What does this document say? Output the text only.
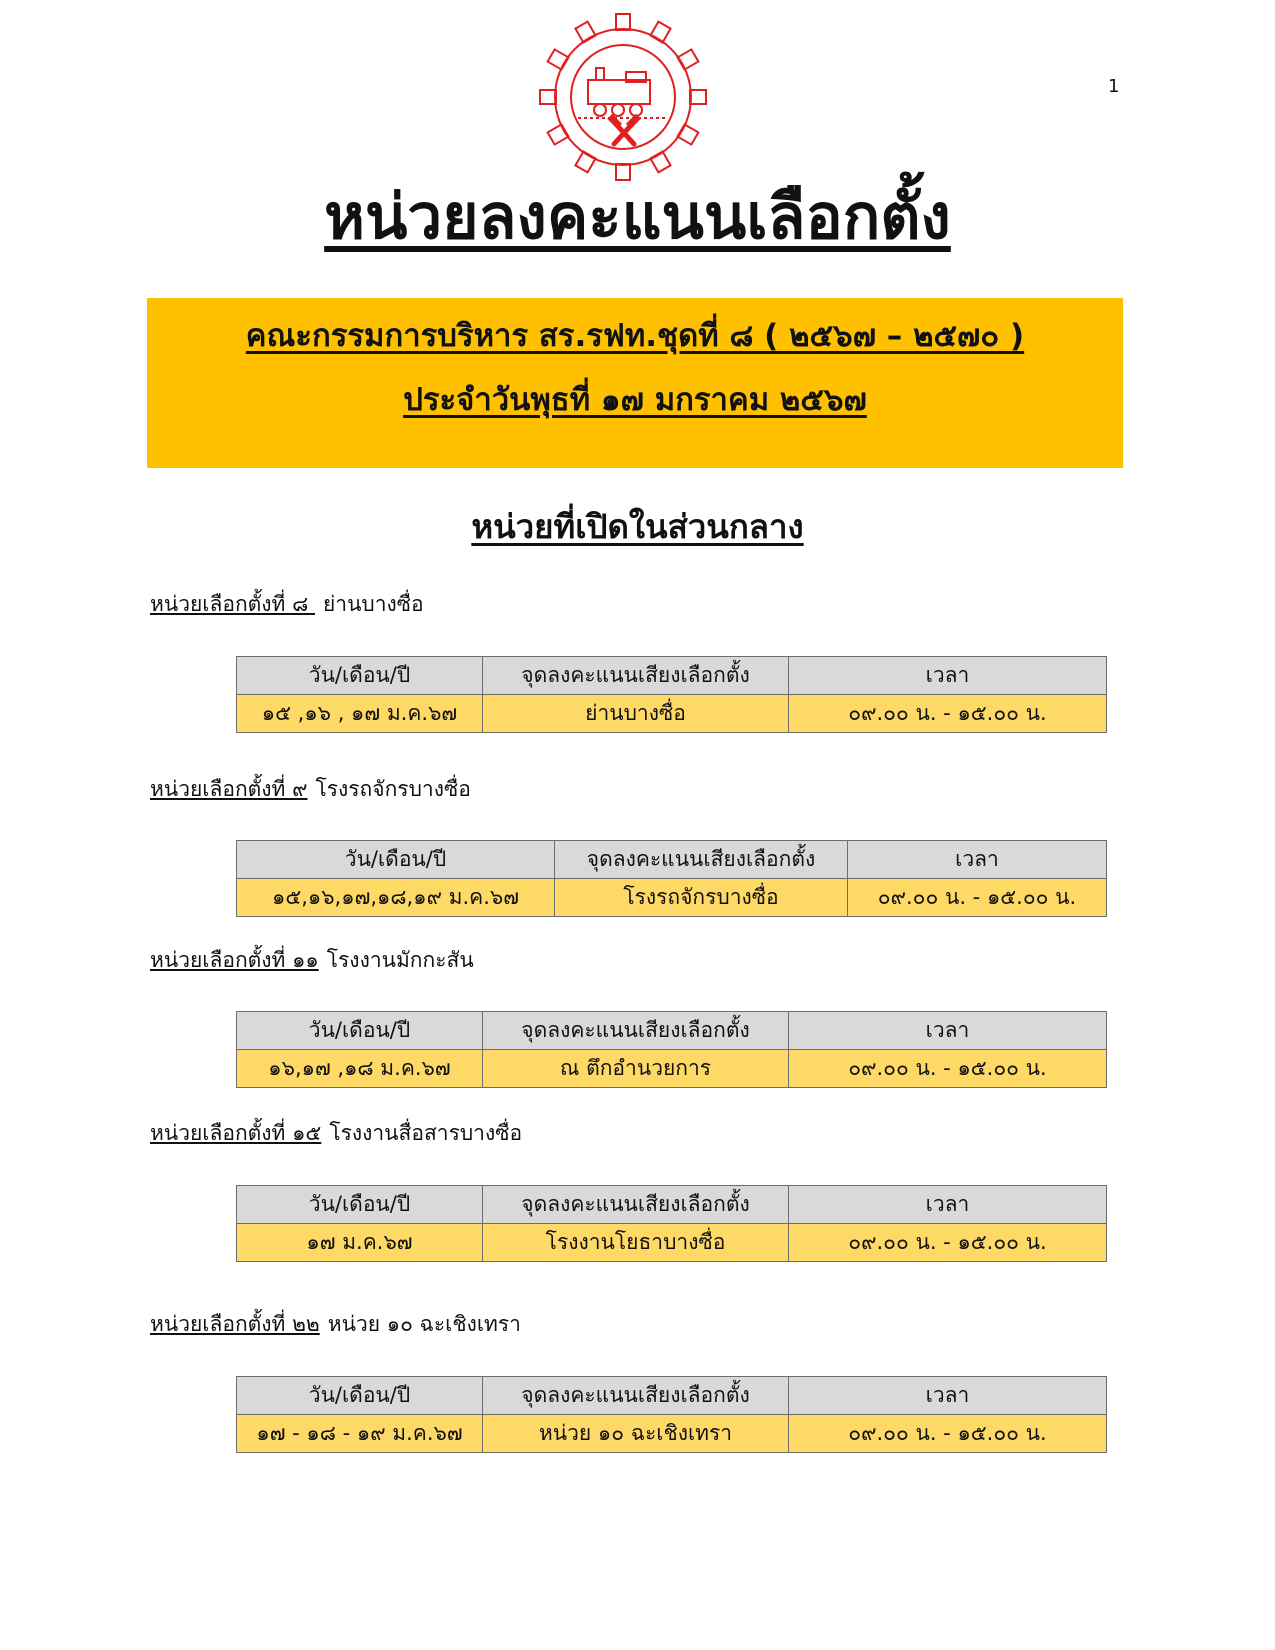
1
หน่วยลงคะแนนเลือกตั้ง
คณะกรรมการบริหาร สร.รฟท.ชุดที่ ๘ ( ๒๕๖๗ – ๒๕๗๐ )
ประจำวันพุธที่ ๑๗ มกราคม ๒๕๖๗
หน่วยที่เปิดในส่วนกลาง
หน่วยเลือกตั้งที่ ๘ ย่านบางซื่อ
วัน/เดือน/ปี	จุดลงคะแนนเสียงเลือกตั้ง	เวลา
๑๕ ,๑๖ , ๑๗ ม.ค.๖๗	ย่านบางซื่อ	๐๙.๐๐ น. - ๑๕.๐๐ น.
หน่วยเลือกตั้งที่ ๙ โรงรถจักรบางซื่อ
วัน/เดือน/ปี	จุดลงคะแนนเสียงเลือกตั้ง	เวลา
๑๕,๑๖,๑๗,๑๘,๑๙ ม.ค.๖๗	โรงรถจักรบางซื่อ	๐๙.๐๐ น. - ๑๕.๐๐ น.
หน่วยเลือกตั้งที่ ๑๑ โรงงานมักกะสัน
วัน/เดือน/ปี	จุดลงคะแนนเสียงเลือกตั้ง	เวลา
๑๖,๑๗ ,๑๘ ม.ค.๖๗	ณ ตึกอำนวยการ	๐๙.๐๐ น. - ๑๕.๐๐ น.
หน่วยเลือกตั้งที่ ๑๕ โรงงานสื่อสารบางซื่อ
วัน/เดือน/ปี	จุดลงคะแนนเสียงเลือกตั้ง	เวลา
๑๗ ม.ค.๖๗	โรงงานโยธาบางซื่อ	๐๙.๐๐ น. - ๑๕.๐๐ น.
หน่วยเลือกตั้งที่ ๒๒ หน่วย ๑๐ ฉะเชิงเทรา
วัน/เดือน/ปี	จุดลงคะแนนเสียงเลือกตั้ง	เวลา
๑๗ - ๑๘ - ๑๙ ม.ค.๖๗	หน่วย ๑๐ ฉะเชิงเทรา	๐๙.๐๐ น. - ๑๕.๐๐ น.
